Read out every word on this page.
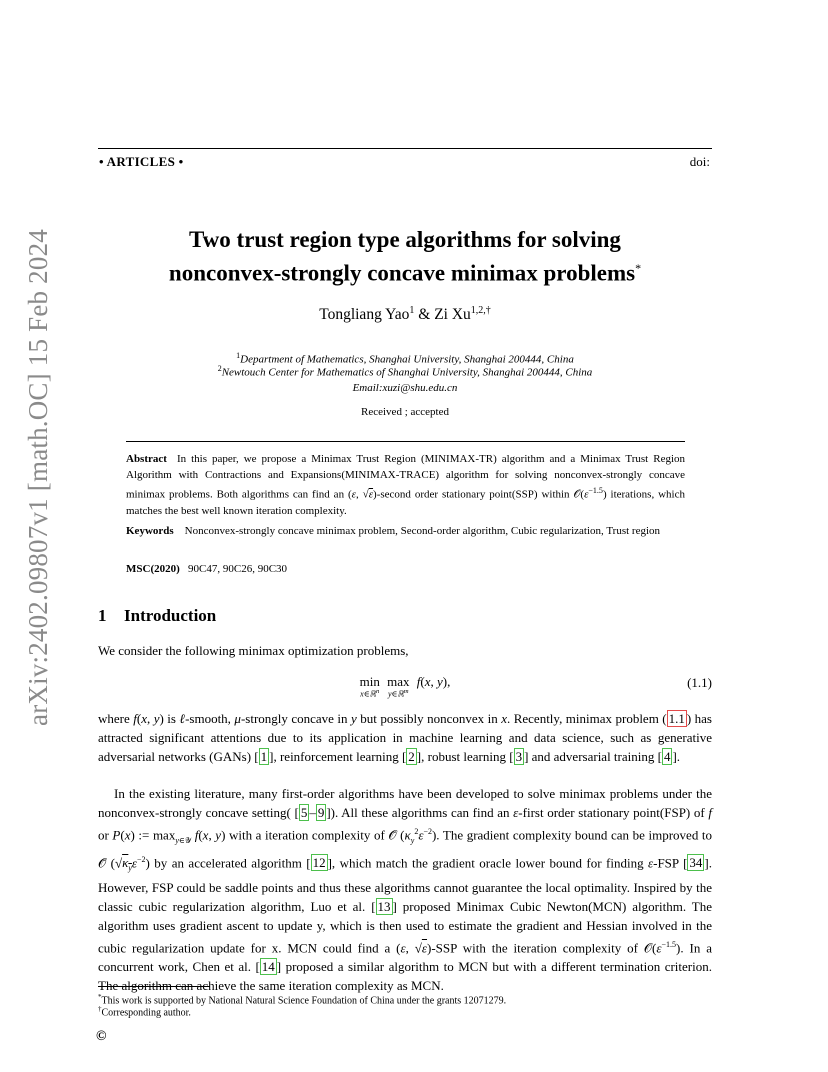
arXiv:2402.09807v1 [math.OC] 15 Feb 2024
• ARTICLES •	doi:
Two trust region type algorithms for solving
nonconvex-strongly concave minimax problems*
Tongliang Yao$^1$ & Zi $Xu^{1,2,\dagger}$
$^1$Department of Mathematics, Shanghai University, Shanghai 200444, China
$^2$Newtouch Center for Mathematics of Shanghai University, Shanghai 200444, China
Email:xuzi@shu.edu.cn
Received ; accepted
Abstract In this paper, we propose a Minimax Trust Region (MINIMAX-TR) algorithm and a Minimax Trust Region Algorithm with Contractions and Expansions(MINIMAX-TRACE) algorithm for solving nonconvex-strongly concave minimax problems. Both algorithms can find an (ε, √ε)-second order stationary point(SSP) within $𝒪(\varepsilon^{-1.5})$ iterations, which matches the best well known iteration complexity.
Keywords Nonconvex-strongly concave minimax problem, Second-order algorithm, Cubic regularization, Trust region
MSC(2020) 90C47, 90C26, 90C30
1 Introduction
We consider the following minimax optimization problems,
min
x∈ℝ$^n$
max
y∈ℝ$^m$
f(x, y),	(1.1)
where f(x, y) is ℓ-smooth, μ-strongly concave in y but possibly nonconvex in x. Recently, minimax problem ( 1.1 ) has attracted significant attentions due to its application in machine learning and data science, such as generative adversarial networks (GANs) [ 1 ], reinforcement learning [ 2 ], robust learning [ 3 ] and adversarial training [ 4 ].
In the existing literature, many first-order algorithms have been developed to solve minimax problems under the nonconvex-strongly concave setting( [ 5 – 9 ]). All these algorithms can find an ε-first order stationary point(FSP) of f or P(x) := $\max_{y\in 𝒴} f(x$, y) with a iteration complexity of 𝒪̃ $(\kappa_y^2\varepsilon^{-2})$. The gradient complexity bound can be improved to 𝒪̃ $(√\kappa_y\varepsilon^{-2})$ by an accelerated algorithm [ 12 ], which match the gradient oracle lower bound for finding ε-FSP [ 34 ]. However, FSP could be saddle points and thus these algorithms cannot guarantee the local optimality. Inspired by the classic cubic regularization algorithm, Luo et al. [ 13 ] proposed Minimax Cubic Newton(MCN) algorithm. The algorithm uses gradient ascent to update y, which is then used to estimate the gradient and Hessian involved in the cubic regularization update for x. MCN could find a (ε, √ε)-SSP with the iteration complexity of $𝒪(\varepsilon^{-1.5})$. In a concurrent work, Chen et al. [ 14 ] proposed a similar algorithm to MCN but with a different termination criterion. The algorithm can achieve the same iteration complexity as MCN.
*This work is supported by National Natural Science Foundation of China under the grants 12071279.
†Corresponding author.
©
